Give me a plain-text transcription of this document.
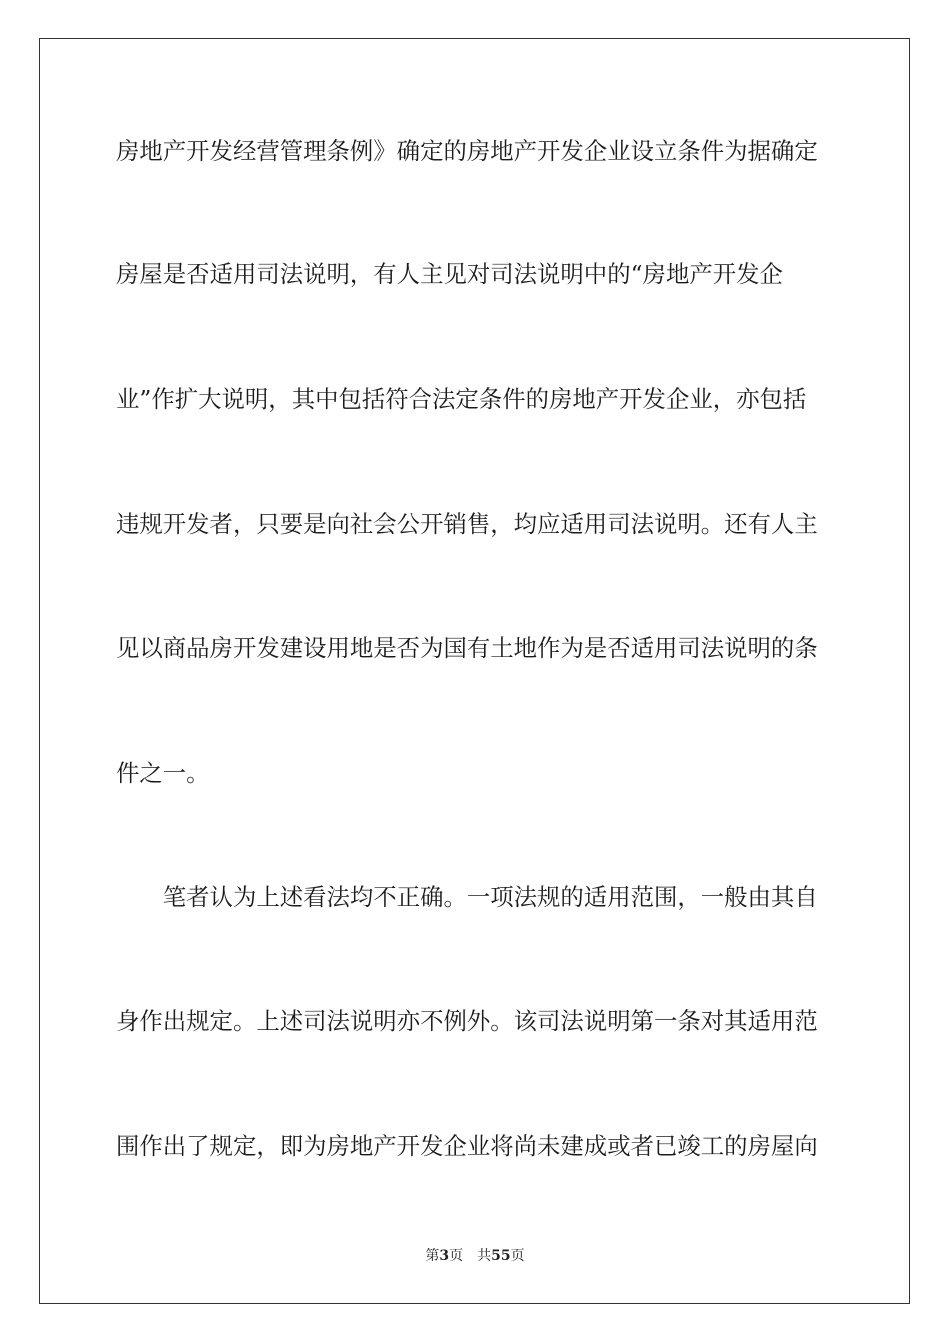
房地产开发经营管理条例》确定的房地产开发企业设立条件为据确定
房屋是否适用司法说明，有人主见对司法说明中的“房地产开发企
业”作扩大说明，其中包括符合法定条件的房地产开发企业，亦包括
违规开发者，只要是向社会公开销售，均应适用司法说明。还有人主
见以商品房开发建设用地是否为国有土地作为是否适用司法说明的条
件之一。
　　笔者认为上述看法均不正确。一项法规的适用范围，一般由其自
身作出规定。上述司法说明亦不例外。该司法说明第一条对其适用范
围作出了规定，即为房地产开发企业将尚未建成或者已竣工的房屋向
第3页 共55页
